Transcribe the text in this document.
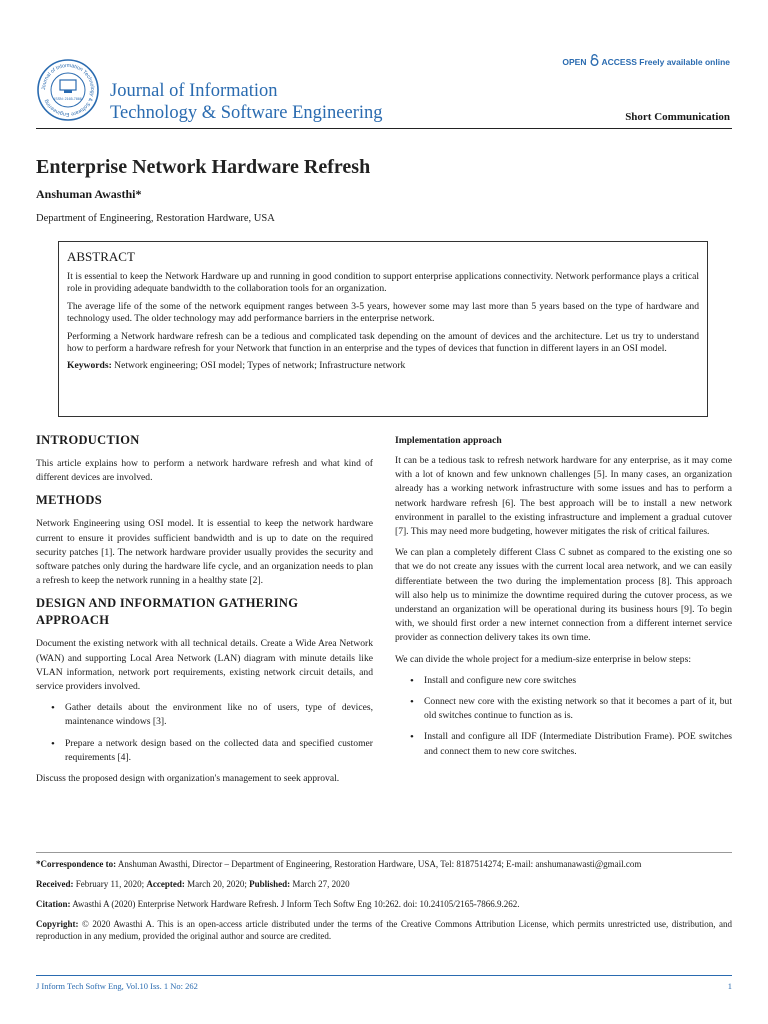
Journal of Information Technology & Software Engineering	ISSN: 2165-7866 Journal of Information
Technology & Software Engineering
OPEN ACCESS Freely available online
Short Communication
Enterprise Network Hardware Refresh
Anshuman Awasthi*
Department of Engineering, Restoration Hardware, USA
ABSTRACT

It is essential to keep the Network Hardware up and running in good condition to support enterprise applications connectivity. Network performance plays a critical role in providing adequate bandwidth to the collaboration tools for an organization.

The average life of the some of the network equipment ranges between 3-5 years, however some may last more than 5 years based on the type of hardware and technology used. The older technology may add performance barriers in the enterprise network.

Performing a Network hardware refresh can be a tedious and complicated task depending on the amount of devices and the architecture. Let us try to understand how to perform a hardware refresh for your Network that function in an enterprise and the types of devices that function in different layers in an OSI model.

Keywords: Network engineering; OSI model; Types of network; Infrastructure network

INTRODUCTION

This article explains how to perform a network hardware refresh and what kind of different devices are involved.

METHODS

Network Engineering using OSI model. It is essential to keep the network hardware current to ensure it provides sufficient bandwidth and is up to date on the required security patches [1]. The network hardware provider usually provides the security and software patches only during the hardware life cycle, and an organization needs to plan a refresh to keep the network running in a healthy state [2].

DESIGN AND INFORMATION GATHERING APPROACH

Document the existing network with all technical details. Create a Wide Area Network (WAN) and supporting Local Area Network (LAN) diagram with minute details like VLAN information, network port requirements, existing network circuit details, and service providers involved.

• Gather details about the environment like no of users, type of devices, maintenance windows [3].
• Prepare a network design based on the collected data and specified customer requirements [4].

Discuss the proposed design with organization's management to seek approval.

Implementation approach

It can be a tedious task to refresh network hardware for any enterprise, as it may come with a lot of known and few unknown challenges [5]. In many cases, an organization already has a working network infrastructure with some issues and has to perform a network hardware refresh [6]. The best approach will be to install a new network environment in parallel to the existing infrastructure and implement a gradual cutover [7]. This may need more budgeting, however mitigates the risk of critical failures.

We can plan a completely different Class C subnet as compared to the existing one so that we do not create any issues with the current local area network, and we can easily differentiate between the two during the implementation process [8]. This approach will also help us to minimize the downtime required during the cutover process, as we understand an organization will be operational during its business hours [9]. To begin with, we should first order a new internet connection from a different internet service provider as connection delivery takes its own time.

We can divide the whole project for a medium-size enterprise in below steps:

• Install and configure new core switches
• Connect new core with the existing network so that it becomes a part of it, but old switches continue to function as is.
• Install and configure all IDF (Intermediate Distribution Frame). POE switches and connect them to new core switches.

*Correspondence to: Anshuman Awasthi, Director – Department of Engineering, Restoration Hardware, USA, Tel: 8187514274; E-mail: anshumanawasti@gmail.com

Received: February 11, 2020; Accepted: March 20, 2020; Published: March 27, 2020

Citation: Awasthi A (2020) Enterprise Network Hardware Refresh. J Inform Tech Softw Eng 10:262. doi: 10.24105/2165-7866.9.262.

Copyright: © 2020 Awasthi A. This is an open-access article distributed under the terms of the Creative Commons Attribution License, which permits unrestricted use, distribution, and reproduction in any medium, provided the original author and source are credited.

J Inform Tech Softw Eng, Vol.10 Iss. 1 No: 262	1
